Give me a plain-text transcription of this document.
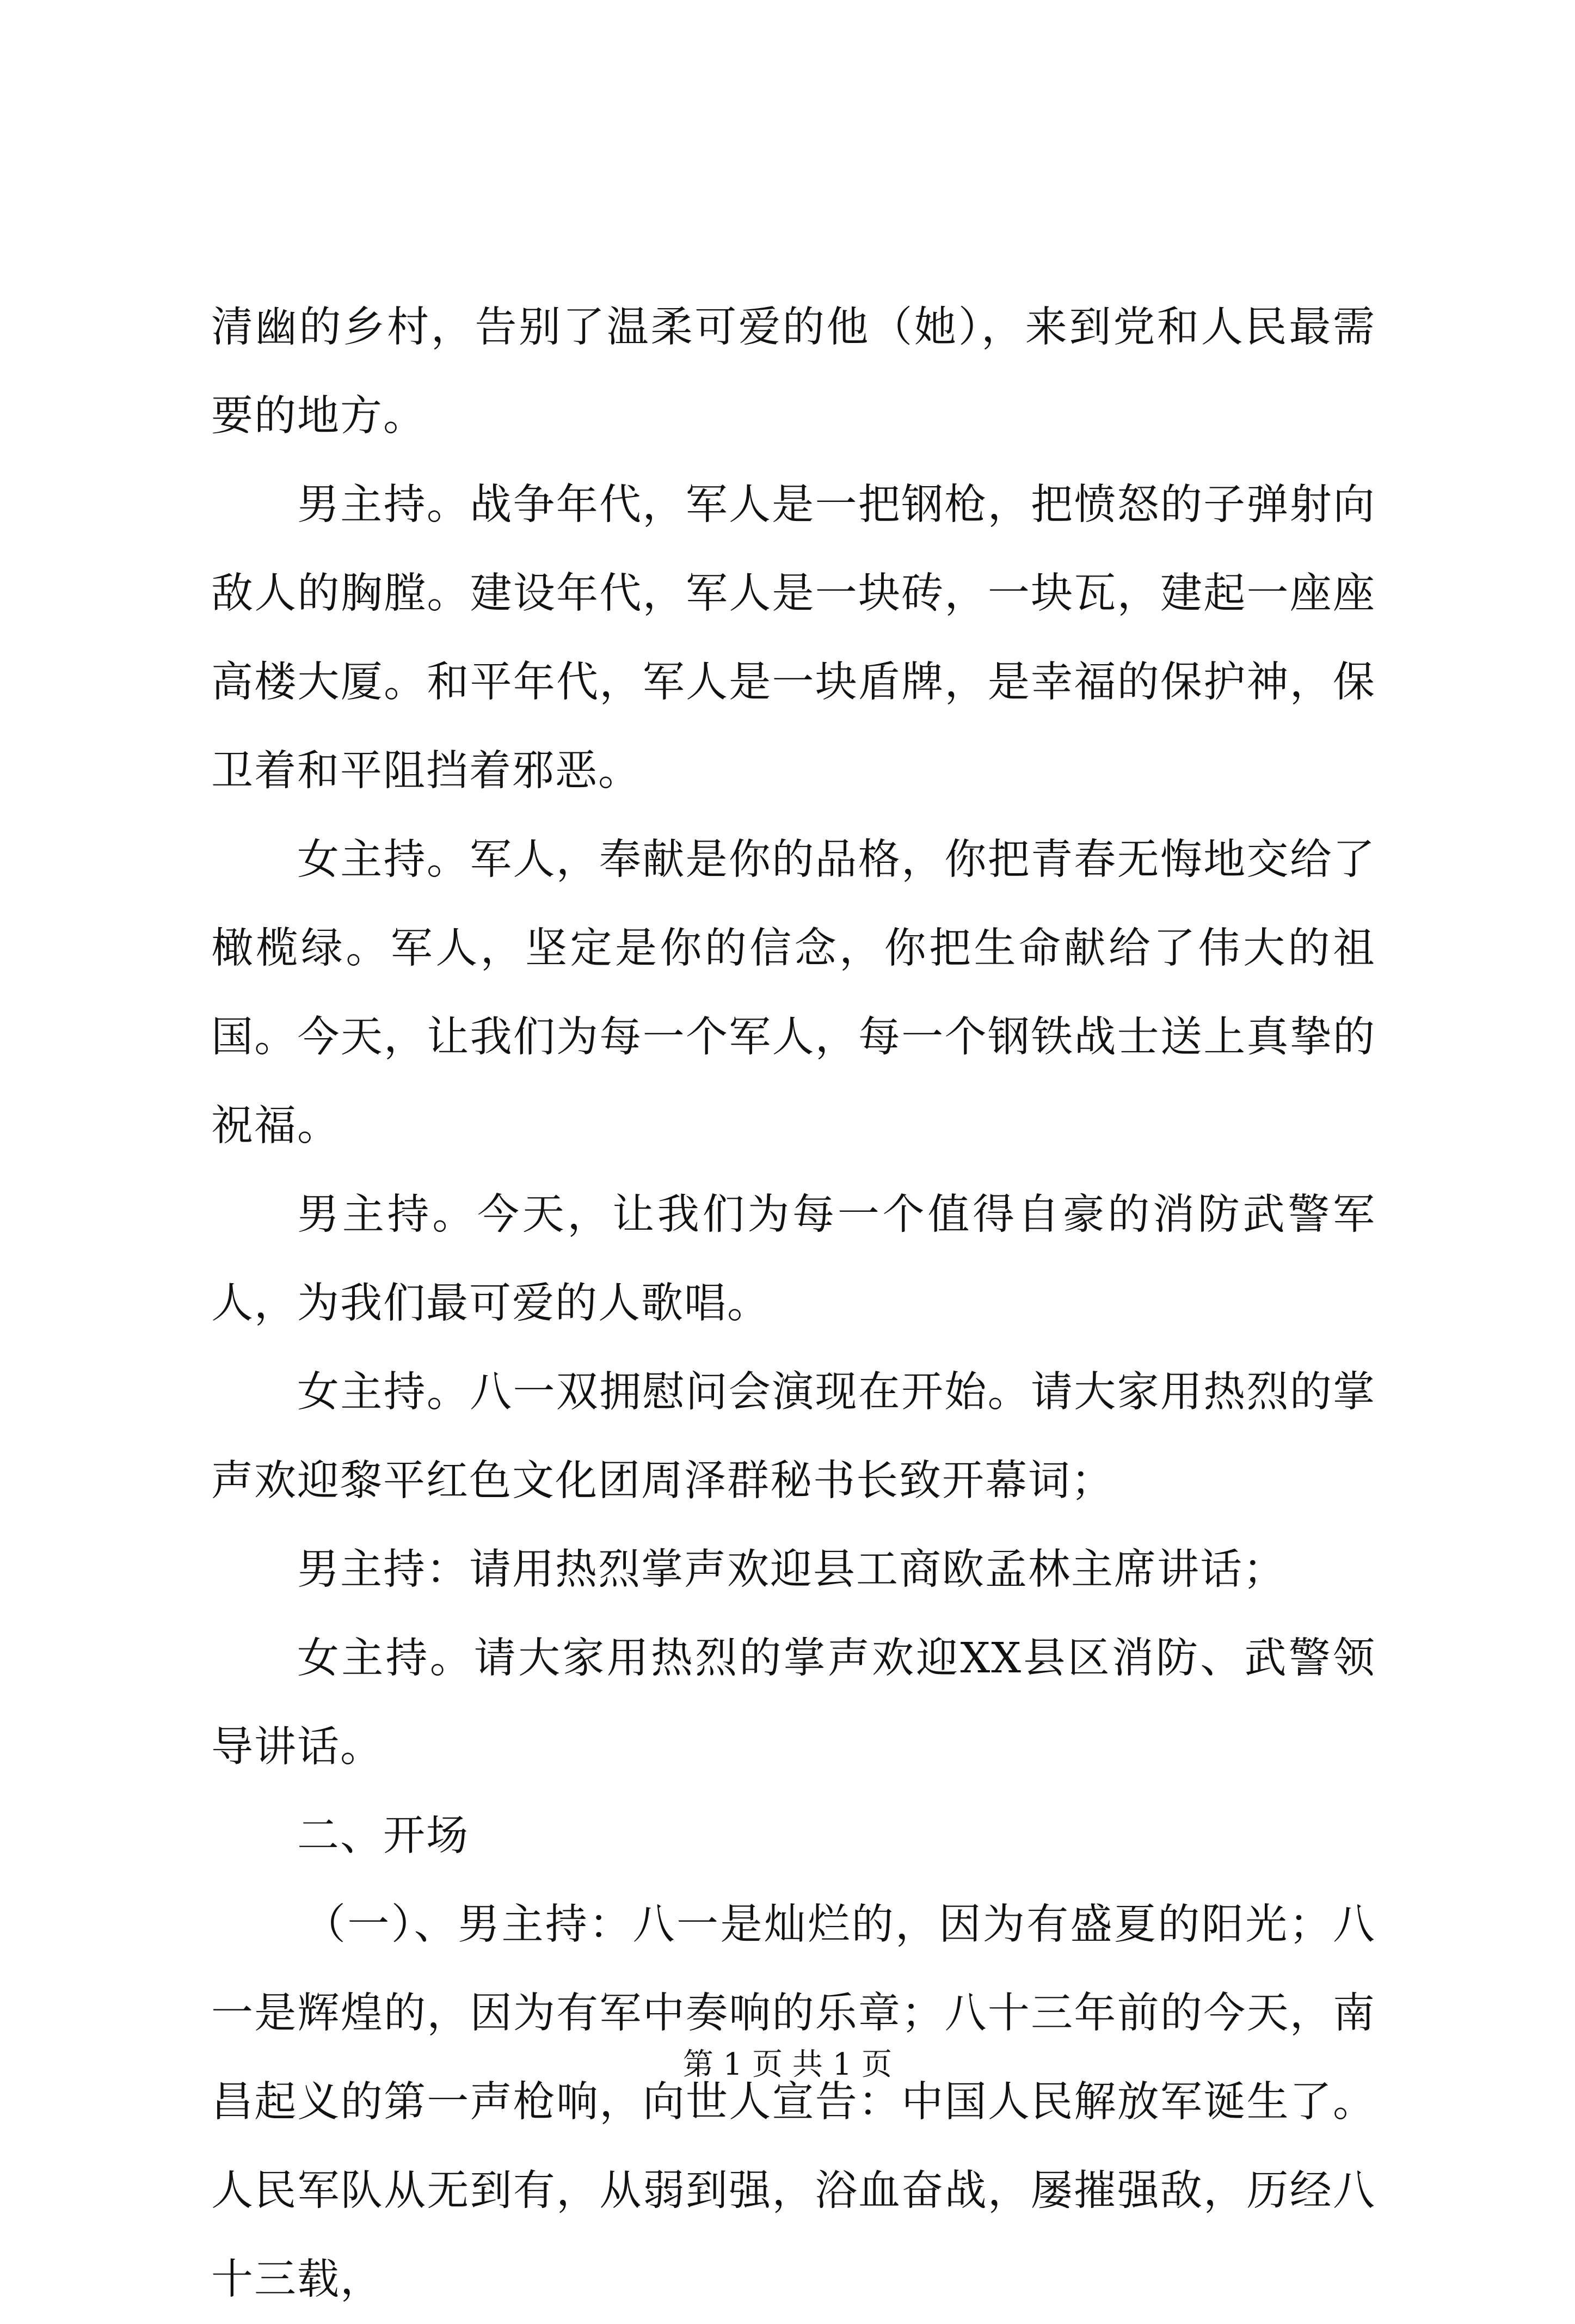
清幽的乡村，告别了温柔可爱的他（她），来到党和人民最需要的地方。

男主持。战争年代，军人是一把钢枪，把愤怒的子弹射向敌人的胸膛。建设年代，军人是一块砖，一块瓦，建起一座座高楼大厦。和平年代，军人是一块盾牌，是幸福的保护神，保卫着和平阻挡着邪恶。

女主持。军人，奉献是你的品格，你把青春无悔地交给了橄榄绿。军人，坚定是你的信念，你把生命献给了伟大的祖国。今天，让我们为每一个军人，每一个钢铁战士送上真挚的祝福。

男主持。今天，让我们为每一个值得自豪的消防武警军人，为我们最可爱的人歌唱。

女主持。八一双拥慰问会演现在开始。请大家用热烈的掌声欢迎黎平红色文化团周泽群秘书长致开幕词；

男主持：请用热烈掌声欢迎县工商欧孟林主席讲话；

女主持。请大家用热烈的掌声欢迎XX县区消防、武警领导讲话。

二、开场

（一）、男主持：八一是灿烂的，因为有盛夏的阳光；八一是辉煌的，因为有军中奏响的乐章；八十三年前的今天，南昌起义的第一声枪响，向世人宣告：中国人民解放军诞生了。人民军队从无到有，从弱到强，浴血奋战，屡摧强敌，历经八十三载，

第 1 页 共 1 页
